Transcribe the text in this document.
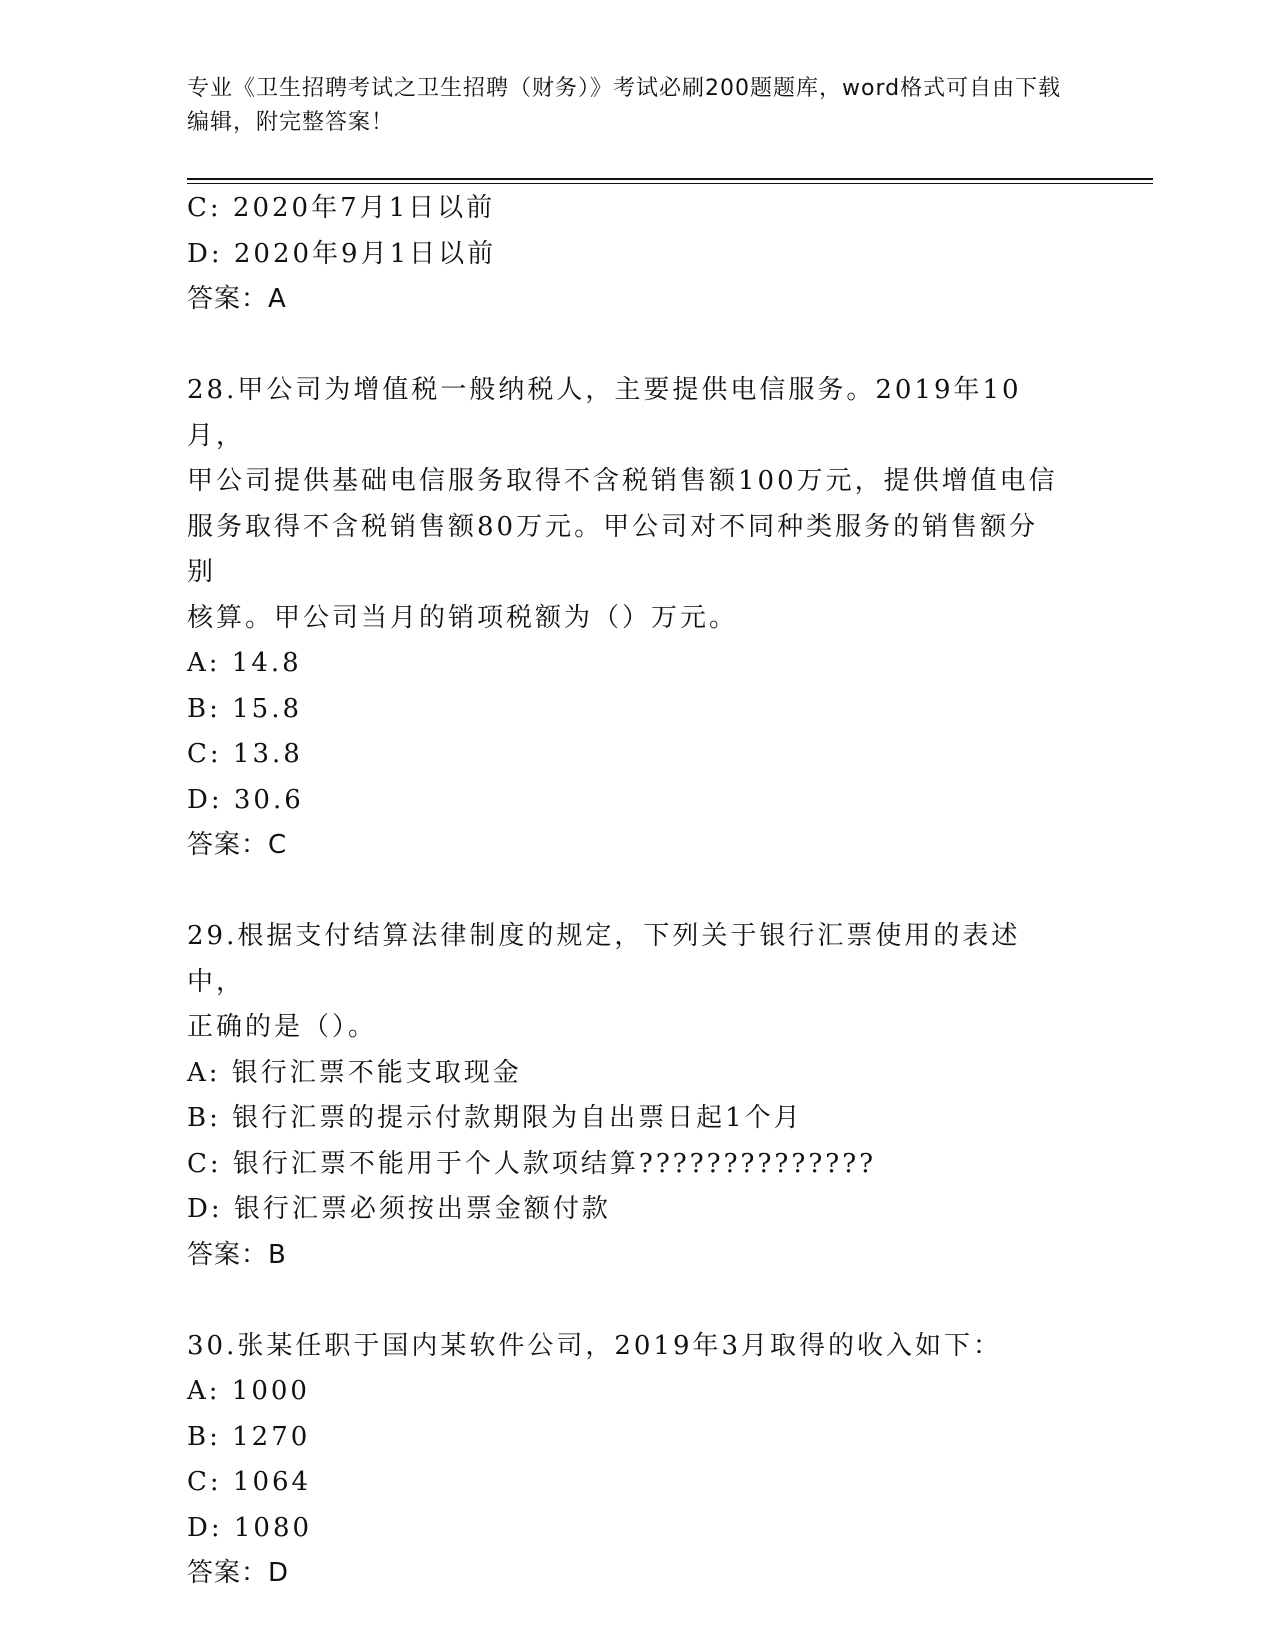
专业《卫生招聘考试之卫生招聘（财务）》考试必刷200题题库，word格式可自由下载编辑，附完整答案！
C: 2020年7月1日以前
D: 2020年9月1日以前
答案：A
28.甲公司为增值税一般纳税人，主要提供电信服务。2019年10月，
甲公司提供基础电信服务取得不含税销售额100万元，提供增值电信
服务取得不含税销售额80万元。甲公司对不同种类服务的销售额分别
核算。甲公司当月的销项税额为（）万元。
A: 14.8
B: 15.8
C: 13.8
D: 30.6
答案：C
29.根据支付结算法律制度的规定，下列关于银行汇票使用的表述中，
正确的是（）。
A: 银行汇票不能支取现金
B: 银行汇票的提示付款期限为自出票日起1个月
C: 银行汇票不能用于个人款项结算??????????????
D: 银行汇票必须按出票金额付款
答案：B
30.张某任职于国内某软件公司，2019年3月取得的收入如下：
A: 1000
B: 1270
C: 1064
D: 1080
答案：D
